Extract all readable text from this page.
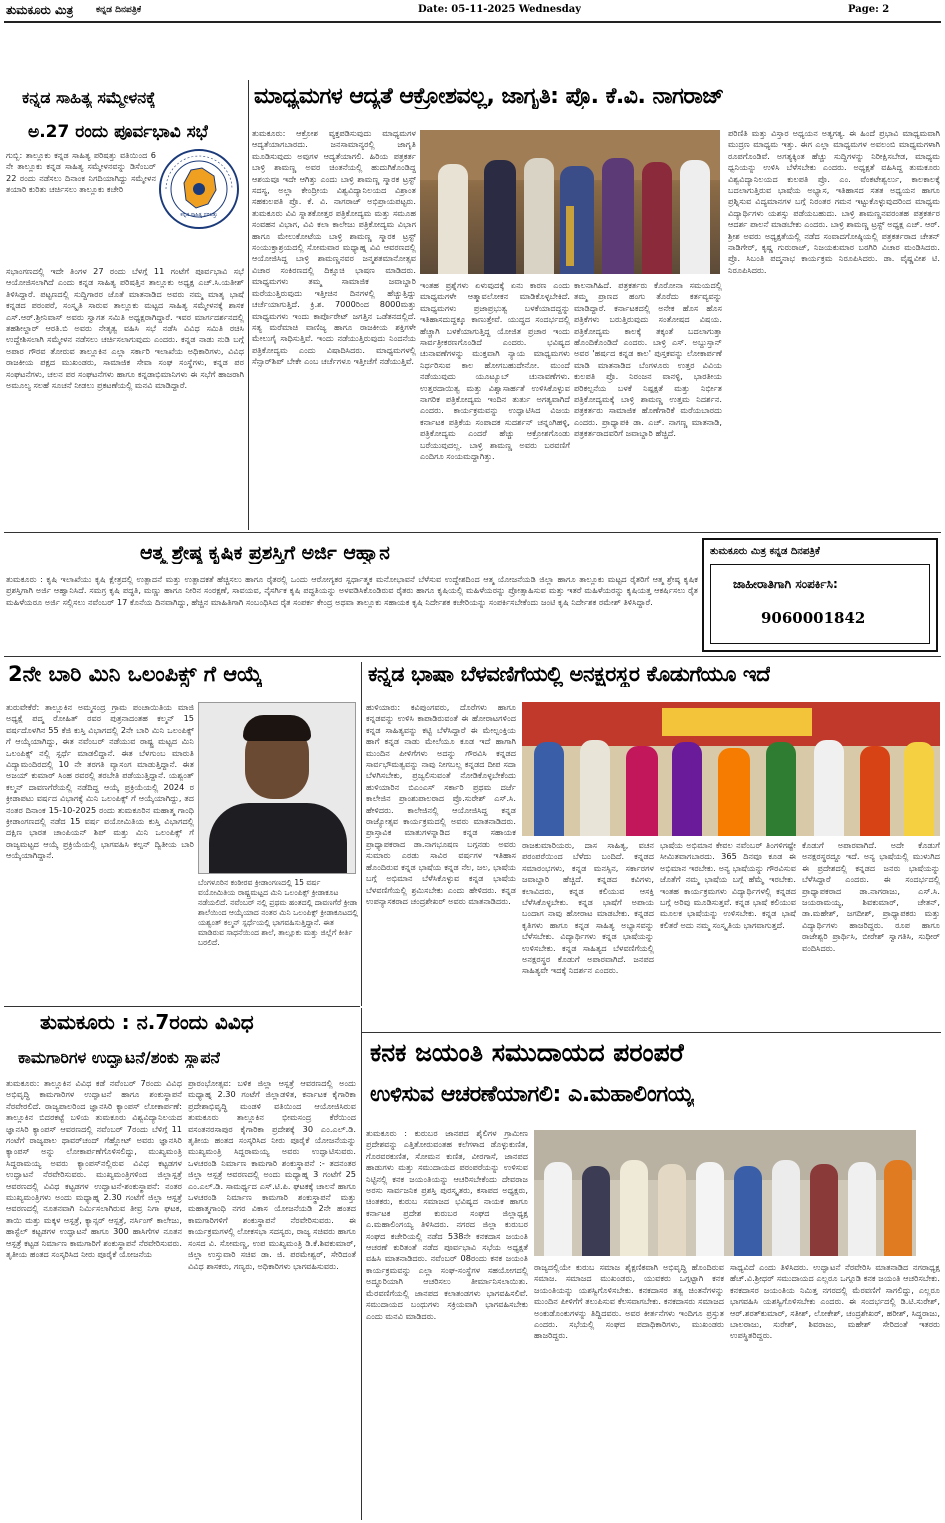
ತುಮಕೂರು ಮಿತ್ರ	ಕನ್ನಡ ದಿನಪತ್ರಿಕೆ	Date: 05-11-2025 Wednesday	Page: 2
ಕನ್ನಡ ಸಾಹಿತ್ಯ ಸಮ್ಮೇಳನಕ್ಕೆ
ಅ.27 ರಂದು ಪೂರ್ವಭಾವಿ ಸಭೆ
ಕನ್ನಡ ಸಾಹಿತ್ಯ ಪರಿಷತ್ತು
ಗುಬ್ಬಿ: ತಾಲ್ಲೂಕು ಕನ್ನಡ ಸಾಹಿತ್ಯ ಪರಿಷತ್ತು ವತಿಯಿಂದ 6 ನೇ ತಾಲ್ಲೂಕು ಕನ್ನಡ ಸಾಹಿತ್ಯ ಸಮ್ಮೇಳನವನ್ನು ಡಿಸೆಂಬರ್ 22 ರಂದು ನಡೆಸಲು ದಿನಾಂಕ ನಿಗದಿಯಾಗಿದ್ದು ಸಮ್ಮೇಳನ ತಯಾರಿ ಕುರಿತು ಚರ್ಚಿಸಲು ತಾಲ್ಲೂಕು ಕಚೇರಿ
ಸಭಾಂಗಣದಲ್ಲಿ ಇದೇ ತಿಂಗಳ 27 ರಂದು ಬೆಳಗ್ಗೆ 11 ಗಂಟೆಗೆ ಪೂರ್ವಭಾವಿ ಸಭೆ ಆಯೋಜಿಸಲಾಗಿದೆ ಎಂದು ಕನ್ನಡ ಸಾಹಿತ್ಯ ಪರಿಷತ್ತಿನ ತಾಲ್ಲೂಕು ಅಧ್ಯಕ್ಷ ಎಚ್.ಸಿ.ಯತೀಶ್ ತಿಳಿಸಿದ್ದಾರೆ. ಪಟ್ಟಣದಲ್ಲಿ ಸುದ್ದಿಗಾರರ ಜೊತೆ ಮಾತನಾಡಿದ ಅವರು ನಮ್ಮ ಮಾತೃ ಭಾಷೆ ಕನ್ನಡದ ಪರಂಪರೆ, ಸಂಸ್ಕೃತಿ ಸಾರುವ ತಾಲ್ಲೂಕು ಮಟ್ಟದ ಸಾಹಿತ್ಯ ಸಮ್ಮೇಳನಕ್ಕೆ ಶಾಸಕ ಎಸ್.ಆರ್.ಶ್ರೀನಿವಾಸ್ ಅವರು ಸ್ವಾಗತ ಸಮಿತಿ ಅಧ್ಯಕ್ಷರಾಗಿದ್ದಾರೆ. ಇವರ ಮಾರ್ಗದರ್ಶನದಲ್ಲಿ ತಹಶೀಲ್ದಾರ್ ಆರತಿ.ಬಿ ಅವರು ನೇತೃತ್ವ ವಹಿಸಿ ಸಭೆ ನಡೆಸಿ ವಿವಿಧ ಸಮಿತಿ ರಚಿಸಿ ಉದ್ದೇಶಿಸಲಾಗಿ ಸಮ್ಮೇಳನ ನಡೆಸಲು ಚರ್ಚಿಸಲಾಗುವುದು ಎಂದರು. ಕನ್ನಡ ನಾಡು ನುಡಿ ಬಗ್ಗೆ ಅಪಾರ ಗೌರವ ತೋರುವ ತಾಲ್ಲೂಕಿನ ಎಲ್ಲಾ ಸರ್ಕಾರಿ ಇಲಾಖೆಯ ಅಧಿಕಾರಿಗಳು, ವಿವಿಧ ರಾಜಕೀಯ ಪಕ್ಷದ ಮುಖಂಡರು, ಸಾಮಾಜಿಕ ಸೇವಾ ಸಂಘ ಸಂಸ್ಥೆಗಳು, ಕನ್ನಡ ಪರ ಸಂಘಟನೆಗಳು, ಚಲನ ಪರ ಸಂಘಟನೆಗಳು ಹಾಗೂ ಕನ್ನಡಾಭಿಮಾನಿಗಳು ಈ ಸಭೆಗೆ ಹಾಜರಾಗಿ ಅಮೂಲ್ಯ ಸಲಹೆ ಸೂಚನೆ ನೀಡಲು ಪ್ರಕಟಣೆಯಲ್ಲಿ ಮನವಿ ಮಾಡಿದ್ದಾರೆ.
ಮಾಧ್ಯಮಗಳ ಆದ್ಯತೆ ಆಕ್ರೋಶವಲ್ಲ, ಜಾಗೃತಿ: ಪ್ರೊ. ಕೆ.ವಿ. ನಾಗರಾಜ್
ತುಮಕೂರು: ಆಕ್ರೋಶ ವ್ಯಕ್ತಪಡಿಸುವುದು ಮಾಧ್ಯಮಗಳ ಆದ್ಯತೆಯಾಗಬಾರದು. ಜನಸಾಮಾನ್ಯರಲ್ಲಿ ಜಾಗೃತಿ ಮೂಡಿಸುವುದು ಅವುಗಳ ಆದ್ಯತೆಯಾಗಲಿ. ಹಿರಿಯ ಪತ್ರಕರ್ತ ಬಾಳ್ರಿ ಶಾಮಣ್ಣ ಅವರ ಚಿಂತನೆಯಲ್ಲಿ ಹುದುಗಿಕೊಂಡಿದ್ದ ಆಶಯವೂ ಇದೇ ಆಗಿತ್ತು ಎಂದು ಬಾಳ್ರಿ ಶಾಮಣ್ಣ ಸ್ಮಾರಕ ಟ್ರಸ್ಟ್ ಸದಸ್ಯ, ಅಲ್ಲಾ ಕೇಂದ್ರೀಯ ವಿಶ್ವವಿದ್ಯಾನಿಲಯದ ವಿಶ್ರಾಂತ ಸಹಕುಲಪತಿ ಪ್ರೊ. ಕೆ. ವಿ. ನಾಗರಾಜ್ ಅಭಿಪ್ರಾಯಪಟ್ಟರು. ತುಮಕೂರು ವಿವಿ ಸ್ನಾತಕೋತ್ತರ ಪತ್ರಿಕೋದ್ಯಮ ಮತ್ತು ಸಮೂಹ ಸಂವಹನ ವಿಭಾಗ, ವಿವಿ ಕಲಾ ಕಾಲೇಜು ಪತ್ರಿಕೋದ್ಯಮ ವಿಭಾಗ ಹಾಗೂ ಮೇಲುಕೋಟೆಯ ಬಾಳ್ರಿ ಶಾಮಣ್ಣ ಸ್ಮಾರಕ ಟ್ರಸ್ಟ್ ಸಂಯುಕ್ತಾಶ್ರಯದಲ್ಲಿ ಸೋಮವಾರ ಮಧ್ಯಾಹ್ನ ವಿವಿ ಆವರಣದಲ್ಲಿ ಆಯೋಜಿಸಿದ್ದ ಬಾಳ್ರಿ ಶಾಮಣ್ಣನವರ ಜನ್ಮಶತಮಾನೋತ್ಸವ ವಿಚಾರ ಸಂಕಿರಣದಲ್ಲಿ ದಿಕ್ಸೂಚಿ ಭಾಷಣ ಮಾಡಿದರು. ಮಾಧ್ಯಮಗಳು ತಮ್ಮ ಸಾಮಾಜಿಕ ಜವಾಬ್ದಾರಿ ಮರೆಯುತ್ತಿರುವುದು ಇತ್ತೀಚಿನ ದಿನಗಳಲ್ಲಿ ಹೆಚ್ಚುತ್ತಿದ್ದು ಚರ್ಚೆಯಾಗುತ್ತಿದೆ. ಕ್ರಿ.ಶ. 7000ರಿಂದ 8000ಮತ್ತು ಮಾಧ್ಯಮಗಳು ಇಂದು ಕಾರ್ಪೊರೇಟ್ ಜಗತ್ತಿನ ಒಡೆತನದಲ್ಲಿದೆ. ಸತ್ಯ ಮರೆಮಾಚಿ ವಾಣಿಜ್ಯ ಹಾಗೂ ರಾಜಕೀಯ ಶಕ್ತಿಗಳೇ ಮೇಲುಗೈ ಸಾಧಿಸುತ್ತಿವೆ. ಇಂದು ನಡೆಯುತ್ತಿರುವುದು ನಿಂದನೆಯ ಪತ್ರಿಕೋದ್ಯಮ ಎಂದು ವಿಷಾದಿಸಿದರು. ಮಾಧ್ಯಮಗಳಲ್ಲಿ ಸೆನ್ಸಾರ್‌ಶಿಪ್ ಬೇಕೇ ಎಂಬ ಚರ್ಚೆಗಳೂ ಇತ್ತೀಚೆಗೆ ನಡೆಯುತ್ತಿವೆ.
ಇಂತಹ ಪ್ರಶ್ನೆಗಳು ಏಳುವುದಕ್ಕೆ ಏನು ಕಾರಣ ಎಂದು ಮಾಧ್ಯಮಗಳೇ ಆತ್ಮಾವಲೋಕನ ಮಾಡಿಕೊಳ್ಳಬೇಕಿದೆ. ಮಾಧ್ಯಮಗಳು ಪ್ರಜಾಪ್ರಭುತ್ವ ಬಳಕೆಯಾದದ್ದನ್ನು ಇತಿಹಾಸದುದ್ದಕ್ಕೂ ಕಾಣುತ್ತೇವೆ. ಯುದ್ಧದ ಸಂದರ್ಭದಲ್ಲಿ ಹೆಚ್ಚಾಗಿ ಬಳಕೆಯಾಗುತ್ತಿದ್ದ ಯೋಜಿತ ಪ್ರಚಾರ ಇಂದು ಸಾರ್ವತ್ರೀಕರಣಗೊಂಡಿದೆ ಎಂದರು. ಭವಿಷ್ಯದ ಚುನಾವಣೆಗಳನ್ನು ಮುಕ್ತವಾಗಿ ನ್ಯಾಯ ಮಾಧ್ಯಮಗಳು ನಿರ್ಧರಿಸುವ ಕಾಲ ಹೋಗಬಹುದೇನೋ. ಮುಂದೆ ನಡೆಯುವುದು ಯೂಟ್ಯೂಬ್ ಚುನಾವಣೆಗಳು. ಉತ್ತರದಾಯಿತ್ವ ಮತ್ತು ವಿಶ್ವಾಸಾರ್ಹತೆ ಉಳಿಸಿಕೊಳ್ಳುವ ನಾಗರಿಕ ಪತ್ರಿಕೋದ್ಯಮ ಇಂದಿನ ತುರ್ತು ಅಗತ್ಯವಾಗಿದೆ ಎಂದರು. ಕಾರ್ಯಕ್ರಮವನ್ನು ಉದ್ಘಾಟಿಸಿದ ವಿಜಯ ಕರ್ನಾಟಕ ಪತ್ರಿಕೆಯ ಸಂಪಾದಕ ಸುದರ್ಶನ್ ಚನ್ನಂಗಿಹಳ್ಳಿ, ಪತ್ರಿಕೋದ್ಯಮ ಎಂದರೆ ಹೆಚ್ಚು ಆಕ್ರೋಶಗೊಂಡು ಬರೆಯುವುದಲ್ಲ. ಬಾಳ್ರಿ ಶಾಮಣ್ಣ ಅವರು ಬರವಣಿಗೆ ಎಂದಿಗೂ ಸಂಯಮದ್ದಾಗಿತ್ತು.
ಕಾಲನಾಗಿಹಿದೆ. ಪತ್ರಕರ್ತರು ಕೊರೋನಾ ಸಮಯದಲ್ಲಿ ತಮ್ಮ ಪ್ರಾಣದ ಹಂಗು ತೊರೆದು ಕರ್ತವ್ಯವನ್ನು ಮಾಡಿದ್ದಾರೆ. ಕರ್ನಾಟಕದಲ್ಲಿ ಅನೇಕ ಹೊಸ ಹೊಸ ಪತ್ರಿಕೆಗಳು ಬರುತ್ತಿರುವುದು ಸಂತೋಷದ ವಿಷಯ. ಪತ್ರಿಕೋದ್ಯಮ ಕಾಲಕ್ಕೆ ತಕ್ಕಂತೆ ಬದಲಾಗುತ್ತಾ ಹೊಂದಿಕೊಂಡಿದೆ ಎಂದರು. ಬಾಳ್ರಿ ಎಸ್. ಅಬ್ದುಸ್ತಾನ್ ಅವರ 'ಹರ್ಷದ ಕನ್ನಡ ಕಾಲ' ಪುಸ್ತಕವನ್ನು ಲೋಕಾರ್ಪಣೆ ಮಾಡಿ ಮಾತನಾಡಿದ ಬೆಂಗಳೂರು ಉತ್ತರ ವಿವಿಯ ಕುಲಪತಿ ಪ್ರೊ. ನಿರಂಜನ ವಾನಳ್ಳಿ, ಭಾರತೀಯ ಪರಿಕಲ್ಪನೆಯ ಬಳಕೆ ನಿಷ್ಪಕ್ಷತೆ ಮತ್ತು ನಿರ್ಭೀತ ಪತ್ರಿಕೋದ್ಯಮಕ್ಕೆ ಬಾಳ್ರಿ ಶಾಮಣ್ಣ ಉತ್ತಮ ನಿದರ್ಶನ. ಪತ್ರಕರ್ತರು ಸಾಮಾಜಿಕ ಹೊಣೆಗಾರಿಕೆ ಮರೆಯಬಾರದು ಎಂದರು. ಪ್ರಾಧ್ಯಾಪಕಿ ಡಾ. ಎಚ್. ನಾಗಣ್ಣ ಮಾತನಾಡಿ, ಪತ್ರಕರ್ತರಾದವರಿಗೆ ಜವಾಬ್ದಾರಿ ಹೆಚ್ಚಿದೆ.
ಪರಿಣಿತಿ ಮತ್ತು ವಿಸ್ತಾರ ಅಧ್ಯಯನ ಅತ್ಯಗತ್ಯ. ಈ ಹಿಂದೆ ಪ್ರಭಾವಿ ಮಾಧ್ಯಮವಾಗಿ ಮುದ್ರಣ ಮಾಧ್ಯಮ ಇತ್ತು. ಈಗ ಎಲ್ಲಾ ಮಾಧ್ಯಮಗಳ ಅವಲಂಬಿ ಮಾಧ್ಯಮಗಳಾಗಿ ರೂಪಗೊಂಡಿವೆ. ಅಗತ್ಯಕ್ಕಿಂತ ಹೆಚ್ಚು ಸುದ್ದಿಗಳನ್ನು ನಿರೀಕ್ಷಿಸಬೇಡ, ಮಾಧ್ಯಮ ಧ್ವನಿಯನ್ನು ಉಳಿಸಿ ಬೆಳೆಸಬೇಕು ಎಂದರು. ಅಧ್ಯಕ್ಷತೆ ವಹಿಸಿದ್ದ ತುಮಕೂರು ವಿಶ್ವವಿದ್ಯಾನಿಲಯದ ಕುಲಪತಿ ಪ್ರೊ. ಎಂ. ವೆಂಕಟೇಶ್ವರ್ಲು, ಕಾಲಕಾಲಕ್ಕೆ ಬದಲಾಗುತ್ತಿರುವ ಭಾಷೆಯ ಅಭ್ಯಾಸ, ಇತಿಹಾಸದ ಸತತ ಅಧ್ಯಯನ ಹಾಗೂ ಪ್ರಶ್ನಿಸುವ ವಿದ್ಯಮಾನಗಳ ಬಗ್ಗೆ ನಿರಂತರ ಗಮನ ಇಟ್ಟುಕೊಳ್ಳುವುದರಿಂದ ಮಾಧ್ಯಮ ವಿದ್ಯಾರ್ಥಿಗಳು ಯಶಸ್ಸು ಪಡೆಯಬಹುದು. ಬಾಳ್ರಿ ಶಾಮಣ್ಣನವರಂತಹ ಪತ್ರಕರ್ತರ ಆದರ್ಶ ಪಾಲನೆ ಮಾಡಬೇಕು ಎಂದರು. ಬಾಳ್ರಿ ಶಾಮಣ್ಣ ಟ್ರಸ್ಟ್ ಅಧ್ಯಕ್ಷ ಎಚ್. ಆರ್. ಶ್ರೀಶ ಅವರು ಅಧ್ಯಕ್ಷತೆಯಲ್ಲಿ ನಡೆದ ಸಂವಾದಗೋಷ್ಠಿಯಲ್ಲಿ ಪತ್ರಕರ್ತರಾದ ಚೇತನ್ ನಾಡಿಗೇರ್, ಕೃಷ್ಣ ಗುರುರಾಜ್, ನಿಜಯಕುಮಾರ ಬರಗಿರಿ ವಿಚಾರ ಮಂಡಿಸಿದರು. ಪ್ರೊ. ಸಿಬಂತಿ ಪದ್ಮನಾಭ ಕಾರ್ಯಕ್ರಮ ನಿರೂಪಿಸಿದರು. ಡಾ. ವೈಷ್ಣವೀಶ ಟಿ. ನಿರೂಪಿಸಿದರು.
ಆತ್ಮ ಶ್ರೇಷ್ಠ ಕೃಷಿಕ ಪ್ರಶಸ್ತಿಗೆ ಅರ್ಜಿ ಆಹ್ವಾನ
ತುಮಕೂರು : ಕೃಷಿ ಇಲಾಖೆಯು ಕೃಷಿ ಕ್ಷೇತ್ರದಲ್ಲಿ ಉತ್ಪಾದನೆ ಮತ್ತು ಉತ್ಪಾದಕತೆ ಹೆಚ್ಚಿಸಲು ಹಾಗೂ ರೈತರಲ್ಲಿ ಒಂದು ಆರೋಗ್ಯಕರ ಸ್ಪರ್ಧಾತ್ಮಕ ಮನೋಭಾವನೆ ಬೆಳೆಸುವ ಉದ್ದೇಶದಿಂದ ಆತ್ಮ ಯೋಜನೆಯಡಿ ಜಿಲ್ಲಾ ಹಾಗೂ ತಾಲ್ಲೂಕು ಮಟ್ಟದ ರೈತರಿಗೆ ಆತ್ಮ ಶ್ರೇಷ್ಠ ಕೃಷಿಕ ಪ್ರಶಸ್ತಿಗಾಗಿ ಅರ್ಜಿ ಆಹ್ವಾನಿಸಿದೆ. ಸಮಗ್ರ ಕೃಷಿ ಪದ್ಧತಿ, ಮಣ್ಣು ಹಾಗೂ ನೀರಿನ ಸಂರಕ್ಷಣೆ, ಸಾವಯವ, ನೈಸರ್ಗಿಕ ಕೃಷಿ ಪದ್ಧತಿಯನ್ನು ಅಳವಡಿಸಿಕೊಂಡಿರುವ ರೈತರು ಹಾಗೂ ಕೃಷಿಯಲ್ಲಿ ಮಹಿಳೆಯರನ್ನು ಪ್ರೋತ್ಸಾಹಿಸುವ ಮತ್ತು ಇತರೆ ಮಹಿಳೆಯರನ್ನು ಕೃಷಿಯತ್ತ ಆಕರ್ಷಿಸಲು ರೈತ ಮಹಿಳೆಯರೂ ಅರ್ಜಿ ಸಲ್ಲಿಸಲು ನವೆಂಬರ್ 17 ಕೊನೆಯ ದಿನವಾಗಿದ್ದು, ಹೆಚ್ಚಿನ ಮಾಹಿತಿಗಾಗಿ ಸಂಬಂಧಿಸಿದ ರೈತ ಸಂಪರ್ಕ ಕೇಂದ್ರ ಅಥವಾ ತಾಲ್ಲೂಕು ಸಹಾಯಕ ಕೃಷಿ ನಿರ್ದೇಶಕ ಕಚೇರಿಯನ್ನು ಸಂಪರ್ಕಿಸಬೇಕೆಂದು ಜಂಟಿ ಕೃಷಿ ನಿರ್ದೇಶಕ ರಮೇಶ್ ತಿಳಿಸಿದ್ದಾರೆ.
ತುಮಕೂರು ಮಿತ್ರ ಕನ್ನಡ ದಿನಪತ್ರಿಕೆ
ಜಾಹೀರಾತಿಗಾಗಿ ಸಂಪರ್ಕಿಸಿ:
9060001842
2ನೇ ಬಾರಿ ಮಿನಿ ಒಲಂಪಿಕ್ಸ್ ಗೆ ಆಯ್ಕೆ
ತುರುವೇಕೆರೆ: ತಾಲ್ಲೂಕಿನ ಅಮ್ಮಸಂದ್ರ ಗ್ರಾಮ ಪಂಚಾಯಿತಿಯ ಮಾಜಿ ಅಧ್ಯಕ್ಷೆ ಪದ್ಮ ರೋಹಿತ್ ರವರ ಪುತ್ರನಾದಂತಹ ಕಲ್ಮನ್ 15 ವರ್ಷದೊಳಗಿನ 55 ಕೆಜಿ ಕುಸ್ತಿ ವಿಭಾಗದಲ್ಲಿ 2ನೇ ಬಾರಿ ಮಿನಿ ಒಲಂಪಿಕ್ಸ್ ಗೆ ಆಯ್ಕೆಯಾಗಿದ್ದು, ಈತ ನವೆಂಬರ್ ನಡೆಯುವ ರಾಷ್ಟ್ರ ಮಟ್ಟದ ಮಿನಿ ಒಲಂಪಿಕ್ಸ್ ನಲ್ಲಿ ಸ್ಪರ್ಧೆ ಮಾಡಲಿದ್ದಾನೆ. ಈತ ಬೆಳಗುಂಬ ಮಾರುತಿ ವಿದ್ಯಾಮಂದಿರದಲ್ಲಿ 10 ನೇ ತರಗತಿ ವ್ಯಾಸಂಗ ಮಾಡುತ್ತಿದ್ದಾನೆ. ಈತ ಅಜಯ್ ಕುಮಾರ್ ಸಿಂಹ ರವರಲ್ಲಿ ತರಬೇತಿ ಪಡೆಯುತ್ತಿದ್ದಾನೆ. ಯಶ್ವಂತ್ ಕಲ್ಮನ್ ದಾವಣಗೆರೆಯಲ್ಲಿ ನಡೆದಿದ್ದ ಆಯ್ಕೆ ಪ್ರಕ್ರಿಯೆಯಲ್ಲಿ 2024 ರ ಕ್ರೀಡಾಪಟು ವರ್ಷದ ವಿಭಾಗಕ್ಕೆ ಮಿನಿ ಒಲಂಪಿಕ್ಸ್ ಗೆ ಆಯ್ಕೆಯಾಗಿದ್ದು, ತದ ನಂತರ ದಿನಾಂಕ 15-10-2025 ರಂದು ತುಮಕೂರಿನ ಮಹಾತ್ಮ ಗಾಂಧಿ ಕ್ರೀಡಾಂಗಣದಲ್ಲಿ ನಡೆದ 15 ವರ್ಷ ವಯೋಮಿತಿಯ ಕುಸ್ತಿ ವಿಭಾಗದಲ್ಲಿ ದಕ್ಷಿಣ ಭಾರತ ಚಾಂಪಿಯನ್ ಶಿಪ್ ಮತ್ತು ಮಿನಿ ಒಲಂಪಿಕ್ಸ್ ಗೆ ರಾಜ್ಯಮಟ್ಟದ ಆಯ್ಕೆ ಪ್ರಕ್ರಿಯೆಯಲ್ಲಿ ಭಾಗವಹಿಸಿ ಕಲ್ಪನ್ ದ್ವಿತೀಯ ಬಾರಿ ಆಯ್ಕೆಯಾಗಿದ್ದಾನೆ.
ಬೆಂಗಳೂರಿನ ಕಂಠೀರವ ಕ್ರೀಡಾಂಗಣದಲ್ಲಿ 15 ವರ್ಷ ವಯೋಮಿತಿಯ ರಾಷ್ಟ್ರಮಟ್ಟದ ಮಿನಿ ಒಲಂಪಿಕ್ಸ್ ಕ್ರೀಡಾಕೂಟ ನಡೆಯಲಿದೆ. ನವೆಂಬರ್ ನಲ್ಲಿ ಪ್ರಥಮ ಹಂತದಲ್ಲಿ ದಾವಣಗೆರೆ ಕ್ರೀಡಾ ಶಾಲೆಯಿಂದ ಆಯ್ಕೆಯಾದ ನಂತರ ಮಿನಿ ಒಲಂಪಿಕ್ಸ್ ಕ್ರೀಡಾಕೂಟದಲ್ಲಿ ಯಶ್ವಂತ್ ಕಲ್ಮನ್ ಸ್ಪರ್ಧೆಯಲ್ಲಿ ಭಾಗವಹಿಸುತ್ತಿದ್ದಾನೆ. ಈತ ಮಾಡಿರುವ ಸಾಧನೆಯಿಂದ ಶಾಲೆ, ತಾಲ್ಲೂಕು ಮತ್ತು ಜಿಲ್ಲೆಗೆ ಕೀರ್ತಿ ಬರಲಿದೆ.
ಕನ್ನಡ ಭಾಷಾ ಬೆಳವಣಿಗೆಯಲ್ಲಿ ಅನಕ್ಷರಸ್ಥರ ಕೊಡುಗೆಯೂ ಇದೆ
ಹುಳಿಯಾರು: ಕವಿಪುಂಗವರು, ದೊರೆಗಳು ಹಾಗೂ ಕನ್ನಡವನ್ನು ಉಳಿಸಿ ಕಾಪಾಡಿರುವಂತೆ ಈ ಹೋರಾಟಗಳಿಂದ ಕನ್ನಡ ಸಾಹಿತ್ಯವನ್ನು ಕಟ್ಟಿ ಬೆಳೆಸಿದ್ದಾರೆ ಈ ಮೇಲ್ಪಂಕ್ತಿಯ ಹಾಗೆ ಕನ್ನಡ ನಾಡು ಮೇಲೆಯೂ ಕೂಡ ಇದೆ ಹಾಗಾಗಿ ಮುಂದಿನ ಪೀಳಿಗೆಗಳು ಅದನ್ನು ಗೌರವಿಸಿ ಕನ್ನಡದ ಸಾರ್ವಭೌಮತ್ವವನ್ನು ನಾವು ನೀಗಬಲ್ಲ ಕನ್ನಡದ ದೀಪ ಸದಾ ಬೆಳಗಿಸಬೇಕು, ಪ್ರಜ್ವಲಿಸುವಂತೆ ನೋಡಿಕೊಳ್ಳಬೇಕೆಂದು ಹುಳಿಯಾರಿನ ಬಿಎಂಎಸ್ ಸರ್ಕಾರಿ ಪ್ರಥಮ ದರ್ಜೆ ಕಾಲೇಜಿನ ಪ್ರಾಂಶುಪಾಲರಾದ ಪ್ರೊ.ಸುರೇಶ್ ಎಸ್.ಸಿ. ಹೇಳಿದರು. ಕಾಲೇಜಿನಲ್ಲಿ ಆಯೋಜಿಸಿದ್ದ ಕನ್ನಡ ರಾಜ್ಯೋತ್ಸವ ಕಾರ್ಯಕ್ರಮದಲ್ಲಿ ಅವರು ಮಾತನಾಡಿದರು. ಪ್ರಾಸ್ತಾವಿಕ ಮಾತುಗಳನ್ನಾಡಿದ ಕನ್ನಡ ಸಹಾಯಕ ಪ್ರಾಧ್ಯಾಪಕರಾದ ಡಾ.ನಾಗಭೂಷಣ ಬಗ್ಗನಡು ಅವರು ಸುಮಾರು ಎರಡು ಸಾವಿರ ವರ್ಷಗಳ ಇತಿಹಾಸ ಹೊಂದಿರುವ ಕನ್ನಡ ಭಾಷೆಯ ಕನ್ನಡ ನೆಲ, ಜಲ, ಭಾಷೆಯ ಬಗ್ಗೆ ಅಭಿಮಾನ ಬೆಳೆಸಿಕೊಳ್ಳುವ ಕನ್ನಡ ಭಾಷೆಯ ಬೆಳವಣಿಗೆಯಲ್ಲಿ ಶ್ರಮಿಸಬೇಕು ಎಂದು ಹೇಳಿದರು. ಕನ್ನಡ ಉಪನ್ಯಾಸಕರಾದ ಚಂದ್ರಶೇಖರ್ ಅವರು ಮಾತನಾಡಿದರು.
ರಾಜಕುಮಾರಿಯರು, ದಾಸ ಸಾಹಿತ್ಯ, ವಚನ ಪರಂಪರೆಯಿಂದ ಬೆಳೆದು ಬಂದಿದೆ. ಕನ್ನಡದ ಸಮಾರಂಭಗಳು, ಕನ್ನಡ ಮನಸ್ಸಿನ, ಸರ್ಕಾರಗಳ ಜವಾಬ್ದಾರಿ ಹೆಚ್ಚಿದೆ. ಕನ್ನಡದ ಕವಿಗಳು, ಕಲಾವಿದರು, ಕನ್ನಡ ಕಲಿಯುವ ಆಸಕ್ತಿ ಬೆಳೆಸಿಕೊಳ್ಳಬೇಕು. ಕನ್ನಡ ಭಾಷೆಗೆ ಅಪಾಯ ಬಂದಾಗ ನಾವು ಹೋರಾಟ ಮಾಡಬೇಕು. ಕನ್ನಡದ ಕೃತಿಗಳು ಹಾಗೂ ಕನ್ನಡ ಸಾಹಿತ್ಯ ಅಭ್ಯಾಸವನ್ನು ಬೆಳೆಸಬೇಕು. ವಿದ್ಯಾರ್ಥಿಗಳು ಕನ್ನಡ ಭಾಷೆಯನ್ನು ಉಳಿಸಬೇಕು. ಕನ್ನಡ ಸಾಹಿತ್ಯದ ಬೆಳವಣಿಗೆಯಲ್ಲಿ ಅನಕ್ಷರಸ್ಥರ ಕೊಡುಗೆ ಅಪಾರವಾಗಿದೆ. ಜನಪದ ಸಾಹಿತ್ಯವೇ ಇದಕ್ಕೆ ನಿದರ್ಶನ ಎಂದರು.
ಭಾಷೆಯ ಅಭಿಮಾನ ಕೇವಲ ನವೆಂಬರ್ ತಿಂಗಳಿಗಷ್ಟೇ ಸೀಮಿತವಾಗಬಾರದು. 365 ದಿನವೂ ಕೂಡ ಈ ಅಭಿಮಾನ ಇರಬೇಕು. ಅನ್ಯ ಭಾಷೆಯನ್ನು ಗೌರವಿಸುವ ಜೊತೆಗೆ ನಮ್ಮ ಭಾಷೆಯ ಬಗ್ಗೆ ಹೆಮ್ಮೆ ಇರಬೇಕು. ಇಂತಹ ಕಾರ್ಯಕ್ರಮಗಳು ವಿದ್ಯಾರ್ಥಿಗಳಲ್ಲಿ ಕನ್ನಡದ ಬಗ್ಗೆ ಅರಿವು ಮೂಡಿಸುತ್ತವೆ. ಕನ್ನಡ ಭಾಷೆ ಕಲಿಯುವ ಮೂಲಕ ಭಾಷೆಯನ್ನು ಉಳಿಸಬೇಕು. ಕನ್ನಡ ಭಾಷೆ ಕಲಿತರೆ ಅದು ನಮ್ಮ ಸಂಸ್ಕೃತಿಯ ಭಾಗವಾಗುತ್ತದೆ.
ಕೊಡುಗೆ ಅಪಾರವಾಗಿದೆ. ಅದೇ ಕೊಡುಗೆ ಅನಕ್ಷರಸ್ಥರದ್ದೂ ಇದೆ. ಅನ್ಯ ಭಾಷೆಯಲ್ಲಿ ಮುಳುಗಿದ ಈ ಪ್ರದೇಶದಲ್ಲಿ ಕನ್ನಡದ ಜನರು ಭಾಷೆಯನ್ನು ಬೆಳೆಸಿದ್ದಾರೆ ಎಂದರು. ಈ ಸಂದರ್ಭದಲ್ಲಿ ಪ್ರಾಧ್ಯಾಪಕರಾದ ಡಾ.ನಾಗರಾಜು, ಎಸ್.ಸಿ. ಜಯರಾಮಯ್ಯ, ಶಿವಕುಮಾರ್, ಚೇತನ್, ಡಾ.ಮಹೇಶ್, ಜಗದೀಶ್, ಪ್ರಾಧ್ಯಾಪಕರು ಮತ್ತು ವಿದ್ಯಾರ್ಥಿಗಳು ಹಾಜರಿದ್ದರು. ರೂಪ ಹಾಗೂ ರಾಜೇಶ್ವರಿ ಪ್ರಾರ್ಥಿಸಿ, ಬೀರೇಶ್ ಸ್ವಾಗತಿಸಿ, ಸುಧೀರ್ ವಂದಿಸಿದರು.
ತುಮಕೂರು : ನ.7ರಂದು ವಿವಿಧ
ಕಾಮಗಾರಿಗಳ ಉದ್ಘಾಟನೆ/ಶಂಕು ಸ್ಥಾಪನೆ
ತುಮಕೂರು: ತಾಲ್ಲೂಕಿನ ವಿವಿಧ ಕಡೆ ನವೆಂಬರ್ 7ರಂದು ವಿವಿಧ ಅಭಿವೃದ್ಧಿ ಕಾಮಗಾರಿಗಳ ಉದ್ಘಾಟನೆ ಹಾಗೂ ಶಂಕುಸ್ಥಾಪನೆ ನೆರವೇರಲಿದೆ. ರಾಜ್ಯಪಾಲರಿಂದ ಜ್ಞಾನಸಿರಿ ಕ್ಯಾಂಪಸ್ ಲೋಕಾರ್ಪಣೆ: ತಾಲ್ಲೂಕಿನ ಬಿದರಕಟ್ಟೆ ಬಳಿಯ ತುಮಕೂರು ವಿಶ್ವವಿದ್ಯಾನಿಲಯದ ಜ್ಞಾನಸಿರಿ ಕ್ಯಾಂಪಸ್ ಆವರಣದಲ್ಲಿ ನವೆಂಬರ್ 7ರಂದು ಬೆಳಿಗ್ಗೆ 11 ಗಂಟೆಗೆ ರಾಜ್ಯಪಾಲ ಥಾವರ್‌ಚಂದ್ ಗೆಹ್ಲೋಟ್ ಅವರು ಜ್ಞಾನಸಿರಿ ಕ್ಯಾಂಪಸ್ ಅನ್ನು ಲೋಕಾರ್ಪಣೆಗೊಳಿಸಲಿದ್ದು, ಮುಖ್ಯಮಂತ್ರಿ ಸಿದ್ದರಾಮಯ್ಯ ಅವರು ಕ್ಯಾಂಪಸ್‌ನಲ್ಲಿರುವ ವಿವಿಧ ಕಟ್ಟಡಗಳ ಉದ್ಘಾಟನೆ ನೆರವೇರಿಸುವರು. ಮುಖ್ಯಮಂತ್ರಿಗಳಿಂದ ಜಿಲ್ಲಾಸ್ಪತ್ರೆ ಆವರಣದಲ್ಲಿ ವಿವಿಧ ಕಟ್ಟಡಗಳ ಉದ್ಘಾಟನೆ-ಶಂಕುಸ್ಥಾಪನೆ: ನಂತರ ಮುಖ್ಯಮಂತ್ರಿಗಳು ಅಂದು ಮಧ್ಯಾಹ್ನ 2.30 ಗಂಟೆಗೆ ಜಿಲ್ಲಾ ಆಸ್ಪತ್ರೆ ಆವರಣದಲ್ಲಿ ನೂತನವಾಗಿ ನಿರ್ಮಿಸಲಾಗಿರುವ ತೀವ್ರ ನಿಗಾ ಘಟಕ, ತಾಯಿ ಮತ್ತು ಮಕ್ಕಳ ಆಸ್ಪತ್ರೆ, ಕ್ಯಾನ್ಸರ್ ಆಸ್ಪತ್ರೆ, ನರ್ಸಿಂಗ್ ಕಾಲೇಜು, ಹಾಸ್ಟೆಲ್ ಕಟ್ಟಡಗಳ ಉದ್ಘಾಟನೆ ಹಾಗೂ 300 ಹಾಸಿಗೆಗಳ ನೂತನ ಆಸ್ಪತ್ರೆ ಕಟ್ಟಡ ನಿರ್ಮಾಣ ಕಾಮಗಾರಿಗೆ ಶಂಕುಸ್ಥಾಪನೆ ನೆರವೇರಿಸುವರು. ತೃತೀಯ ಹಂತದ ಸಂಸ್ಕರಿಸಿದ ನೀರು ಪೂರೈಕೆ ಯೋಜನೆಯ
ಪ್ರಾರಂಭೋತ್ಸವ: ಬಳಿಕ ಜಿಲ್ಲಾ ಆಸ್ಪತ್ರೆ ಆವರಣದಲ್ಲಿ ಅಂದು ಮಧ್ಯಾಹ್ನ 2.30 ಗಂಟೆಗೆ ಜಿಲ್ಲಾಡಳಿತ, ಕರ್ನಾಟಕ ಕೈಗಾರಿಕಾ ಪ್ರದೇಶಾಭಿವೃದ್ಧಿ ಮಂಡಳಿ ವತಿಯಿಂದ ಆಯೋಜಿಸಿರುವ ತುಮಕೂರು ತಾಲ್ಲೂಕಿನ ಭೀಮಸಂದ್ರ ಕೆರೆಯಿಂದ ವಸಂತನರಸಾಪುರ ಕೈಗಾರಿಕಾ ಪ್ರದೇಶಕ್ಕೆ 30 ಎಂ.ಎಲ್.ಡಿ. ತೃತೀಯ ಹಂತದ ಸಂಸ್ಕರಿಸಿದ ನೀರು ಪೂರೈಕೆ ಯೋಜನೆಯನ್ನು ಮುಖ್ಯಮಂತ್ರಿ ಸಿದ್ದರಾಮಯ್ಯ ಅವರು ಉದ್ಘಾಟಿಸುವರು. ಒಳಚರಂಡಿ ನಿರ್ಮಾಣ ಕಾಮಗಾರಿ ಶಂಕುಸ್ಥಾಪನೆ :- ತದನಂತರ ಜಿಲ್ಲಾ ಆಸ್ಪತ್ರೆ ಆವರಣದಲ್ಲಿ ಅಂದು ಮಧ್ಯಾಹ್ನ 3 ಗಂಟೆಗೆ 25 ಎಂ.ಎಲ್.ಡಿ. ಸಾಮರ್ಥ್ಯದ ಎಸ್.ಟಿ.ಪಿ. ಘಟಕಕ್ಕೆ ಚಾಲನೆ ಹಾಗೂ ಒಳಚರಂಡಿ ನಿರ್ಮಾಣ ಕಾಮಗಾರಿ ಶಂಕುಸ್ಥಾಪನೆ ಮತ್ತು ಮಹಾತ್ಮಗಾಂಧಿ ನಗರ ವಿಕಾಸ ಯೋಜನೆಯಡಿ 2ನೇ ಹಂತದ ಕಾಮಗಾರಿಗಳಿಗೆ ಶಂಕುಸ್ಥಾಪನೆ ನೆರವೇರಿಸುವರು. ಈ ಕಾರ್ಯಕ್ರಮಗಳಲ್ಲಿ ಲೋಕಸಭಾ ಸದಸ್ಯರು, ರಾಜ್ಯ ಸಚಿವರು ಹಾಗೂ ಸಂಸದ ವಿ. ಸೋಮಣ್ಣ, ಉಪ ಮುಖ್ಯಮಂತ್ರಿ ಡಿ.ಕೆ.ಶಿವಕುಮಾರ್, ಜಿಲ್ಲಾ ಉಸ್ತುವಾರಿ ಸಚಿವ ಡಾ. ಜಿ. ಪರಮೇಶ್ವರ್, ಸೇರಿದಂತೆ ವಿವಿಧ ಶಾಸಕರು, ಗಣ್ಯರು, ಅಧಿಕಾರಿಗಳು ಭಾಗವಹಿಸುವರು.
ಕನಕ ಜಯಂತಿ ಸಮುದಾಯದ ಪರಂಪರೆ
ಉಳಿಸುವ ಆಚರಣೆಯಾಗಲಿ: ಎ.ಮಹಾಲಿಂಗಯ್ಯ
ತುಮಕೂರು : ಕುರುಬರ ಜಾನಪದ ಶೈಲಿಗಳ ಗ್ರಾಮೀಣ ಪ್ರದೇಶವನ್ನು ಎತ್ತಿತೋರುವಂತಹ ಕಲೆಗಳಾದ ಡೊಳ್ಳುಕುಣಿತ, ಗೊರವರಕುಣಿತ, ಸೋಮನ ಕುಣಿತ, ವೀರಗಾಸೆ, ಜಾನಪದ ಹಾಡುಗಳು ಮತ್ತು ಸಮುದಾಯದ ಪರಂಪರೆಯನ್ನು ಉಳಿಸುವ ನಿಟ್ಟಿನಲ್ಲಿ ಕನಕ ಜಯಂತಿಯನ್ನು ಆಚರಿಸಬೇಕೆಂದು ದೇವರಾಜ ಅರಸು ಸಾರ್ವಜನಿಕ ಪ್ರಶಸ್ತಿ ಪುರಸ್ಕೃತರು, ಕಸಾಪದ ಅಧ್ಯಕ್ಷರು, ಚಿಂತಕರು, ಕುರುಬ ಸಮಾಜದ ಭವಿಷ್ಯದ ನಾಯಕ ಹಾಗೂ ಕರ್ನಾಟಕ ಪ್ರದೇಶ ಕುರುಬರ ಸಂಘದ ಜಿಲ್ಲಾಧ್ಯಕ್ಷ ಎ.ಮಹಾಲಿಂಗಯ್ಯ ತಿಳಿಸಿದರು. ನಗರದ ಜಿಲ್ಲಾ ಕುರುಬರ ಸಂಘದ ಕಚೇರಿಯಲ್ಲಿ ನಡೆದ 538ನೇ ಕನಕದಾಸ ಜಯಂತಿ ಆಚರಣೆ ಕುರಿತಂತೆ ನಡೆದ ಪೂರ್ವಭಾವಿ ಸಭೆಯ ಅಧ್ಯಕ್ಷತೆ ವಹಿಸಿ ಮಾತನಾಡಿದರು. ನವೆಂಬರ್ 08ರಂದು ಕನಕ ಜಯಂತಿ ಕಾರ್ಯಕ್ರಮವನ್ನು ಎಲ್ಲಾ ಸಂಘ-ಸಂಸ್ಥೆಗಳ ಸಹಯೋಗದಲ್ಲಿ ಅದ್ಧೂರಿಯಾಗಿ ಆಚರಿಸಲು ತೀರ್ಮಾನಿಸಲಾಯಿತು. ಮೆರವಣಿಗೆಯಲ್ಲಿ ಜಾನಪದ ಕಲಾತಂಡಗಳು ಭಾಗವಹಿಸಲಿವೆ. ಸಮುದಾಯದ ಬಂಧುಗಳು ಸಕ್ರಿಯವಾಗಿ ಭಾಗವಹಿಸಬೇಕು ಎಂದು ಮನವಿ ಮಾಡಿದರು.
ರಾಜ್ಯದಲ್ಲಿಯೇ ಕುರುಬ ಸಮಾಜ ಶೈಕ್ಷಣಿಕವಾಗಿ ಅಭಿವೃದ್ಧಿ ಹೊಂದಿರುವ ಸಮಾಜ. ಸಮಾಜದ ಮುಖಂಡರು, ಯುವಕರು ಒಗ್ಗಟ್ಟಾಗಿ ಕನಕ ಜಯಂತಿಯನ್ನು ಯಶಸ್ವಿಗೊಳಿಸಬೇಕು. ಕನಕದಾಸರ ತತ್ವ ಚಿಂತನೆಗಳನ್ನು ಮುಂದಿನ ಪೀಳಿಗೆಗೆ ತಲುಪಿಸುವ ಕೆಲಸವಾಗಬೇಕು. ಕನಕದಾಸರು ಸಮಾಜದ ಅಂಕುಡೊಂಕುಗಳನ್ನು ತಿದ್ದಿದವರು. ಅವರ ಕೀರ್ತನೆಗಳು ಇಂದಿಗೂ ಪ್ರಸ್ತುತ ಎಂದರು. ಸಭೆಯಲ್ಲಿ ಸಂಘದ ಪದಾಧಿಕಾರಿಗಳು, ಮುಖಂಡರು ಹಾಜರಿದ್ದರು.
ಸಾಧ್ಯವಿದೆ ಎಂದು ತಿಳಿಸಿದರು. ಉದ್ಘಾಟನೆ ನೆರವೇರಿಸಿ ಮಾತನಾಡಿದ ನಗರಾಧ್ಯಕ್ಷ ಹೆಚ್.ವಿ.ಶ್ರೀಧರ್ ಸಮುದಾಯದ ಎಲ್ಲರೂ ಒಗ್ಗೂಡಿ ಕನಕ ಜಯಂತಿ ಆಚರಿಸಬೇಕು. ಕನಕದಾಸರ ಜಯಂತಿಯ ನಿಮಿತ್ತ ನಗರದಲ್ಲಿ ಮೆರವಣಿಗೆ ಸಾಗಲಿದ್ದು, ಎಲ್ಲರೂ ಭಾಗವಹಿಸಿ ಯಶಸ್ವಿಗೊಳಿಸಬೇಕು ಎಂದರು. ಈ ಸಂದರ್ಭದಲ್ಲಿ ಡಿ.ಟಿ.ಸುರೇಶ್, ಆರ್.ಶರತ್‌ಕುಮಾರ್, ಸತೀಶ್, ಲೋಕೇಶ್, ಚಂದ್ರಶೇಖರ್, ಹರೀಶ್, ಸಿದ್ದರಾಜು, ಬಾಲರಾಜು, ಸುರೇಶ್, ಶಿವರಾಜು, ಮಹೇಶ್ ಸೇರಿದಂತೆ ಇತರರು ಉಪಸ್ಥಿತರಿದ್ದರು.
